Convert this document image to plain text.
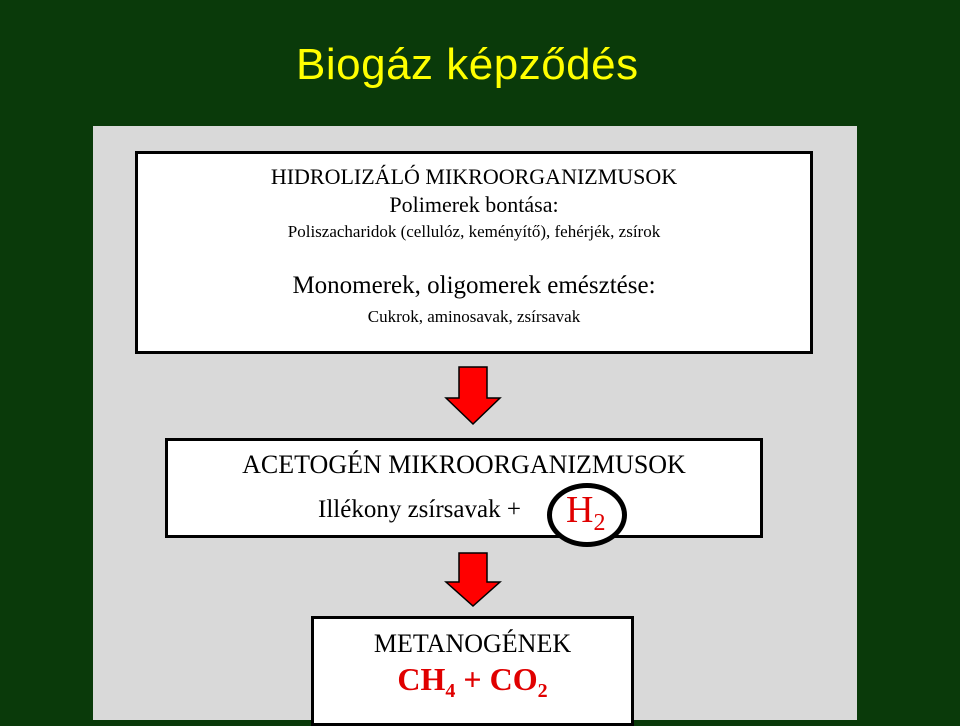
Biogáz képződés
HIDROLIZÁLÓ MIKROORGANIZMUSOK
Polimerek bontása:
Poliszacharidok (cellulóz, keményítő), fehérjék, zsírok
Monomerek, oligomerek emésztése:
Cukrok, aminosavak, zsírsavak
ACETOGÉN MIKROORGANIZMUSOK
Illékony zsírsavak + $H_2$
METANOGÉNEK
$CH_4 + CO_2$
